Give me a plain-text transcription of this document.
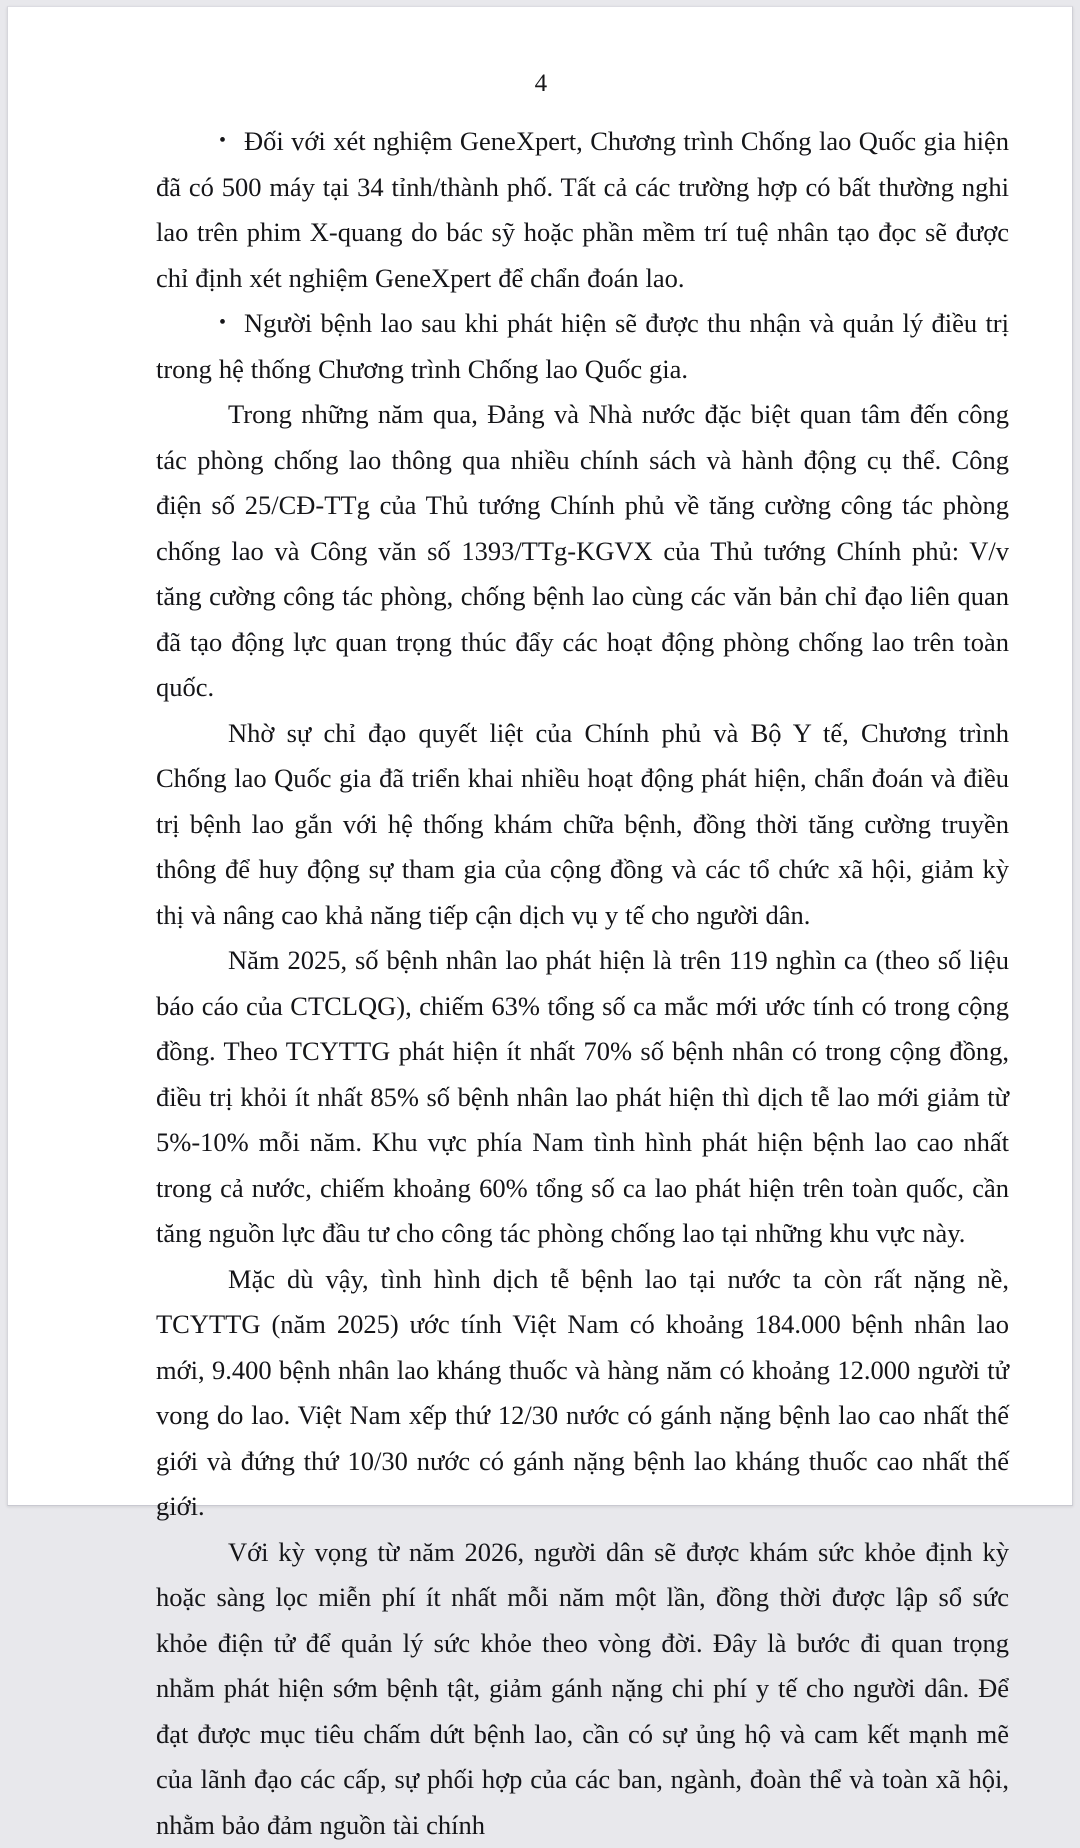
4

• Đối với xét nghiệm GeneXpert, Chương trình Chống lao Quốc gia hiện đã có 500 máy tại 34 tỉnh/thành phố. Tất cả các trường hợp có bất thường nghi lao trên phim X-quang do bác sỹ hoặc phần mềm trí tuệ nhân tạo đọc sẽ được chỉ định xét nghiệm GeneXpert để chẩn đoán lao.

• Người bệnh lao sau khi phát hiện sẽ được thu nhận và quản lý điều trị trong hệ thống Chương trình Chống lao Quốc gia.

Trong những năm qua, Đảng và Nhà nước đặc biệt quan tâm đến công tác phòng chống lao thông qua nhiều chính sách và hành động cụ thể. Công điện số 25/CĐ-TTg của Thủ tướng Chính phủ về tăng cường công tác phòng chống lao và Công văn số 1393/TTg-KGVX của Thủ tướng Chính phủ: V/v tăng cường công tác phòng, chống bệnh lao cùng các văn bản chỉ đạo liên quan đã tạo động lực quan trọng thúc đẩy các hoạt động phòng chống lao trên toàn quốc.

Nhờ sự chỉ đạo quyết liệt của Chính phủ và Bộ Y tế, Chương trình Chống lao Quốc gia đã triển khai nhiều hoạt động phát hiện, chẩn đoán và điều trị bệnh lao gắn với hệ thống khám chữa bệnh, đồng thời tăng cường truyền thông để huy động sự tham gia của cộng đồng và các tổ chức xã hội, giảm kỳ thị và nâng cao khả năng tiếp cận dịch vụ y tế cho người dân.

Năm 2025, số bệnh nhân lao phát hiện là trên 119 nghìn ca (theo số liệu báo cáo của CTCLQG), chiếm 63% tổng số ca mắc mới ước tính có trong cộng đồng. Theo TCYTTG phát hiện ít nhất 70% số bệnh nhân có trong cộng đồng, điều trị khỏi ít nhất 85% số bệnh nhân lao phát hiện thì dịch tễ lao mới giảm từ 5%-10% mỗi năm. Khu vực phía Nam tình hình phát hiện bệnh lao cao nhất trong cả nước, chiếm khoảng 60% tổng số ca lao phát hiện trên toàn quốc, cần tăng nguồn lực đầu tư cho công tác phòng chống lao tại những khu vực này.

Mặc dù vậy, tình hình dịch tễ bệnh lao tại nước ta còn rất nặng nề, TCYTTG (năm 2025) ước tính Việt Nam có khoảng 184.000 bệnh nhân lao mới, 9.400 bệnh nhân lao kháng thuốc và hàng năm có khoảng 12.000 người tử vong do lao. Việt Nam xếp thứ 12/30 nước có gánh nặng bệnh lao cao nhất thế giới và đứng thứ 10/30 nước có gánh nặng bệnh lao kháng thuốc cao nhất thế giới.

Với kỳ vọng từ năm 2026, người dân sẽ được khám sức khỏe định kỳ hoặc sàng lọc miễn phí ít nhất mỗi năm một lần, đồng thời được lập sổ sức khỏe điện tử để quản lý sức khỏe theo vòng đời. Đây là bước đi quan trọng nhằm phát hiện sớm bệnh tật, giảm gánh nặng chi phí y tế cho người dân. Để đạt được mục tiêu chấm dứt bệnh lao, cần có sự ủng hộ và cam kết mạnh mẽ của lãnh đạo các cấp, sự phối hợp của các ban, ngành, đoàn thể và toàn xã hội, nhằm bảo đảm nguồn tài chính
